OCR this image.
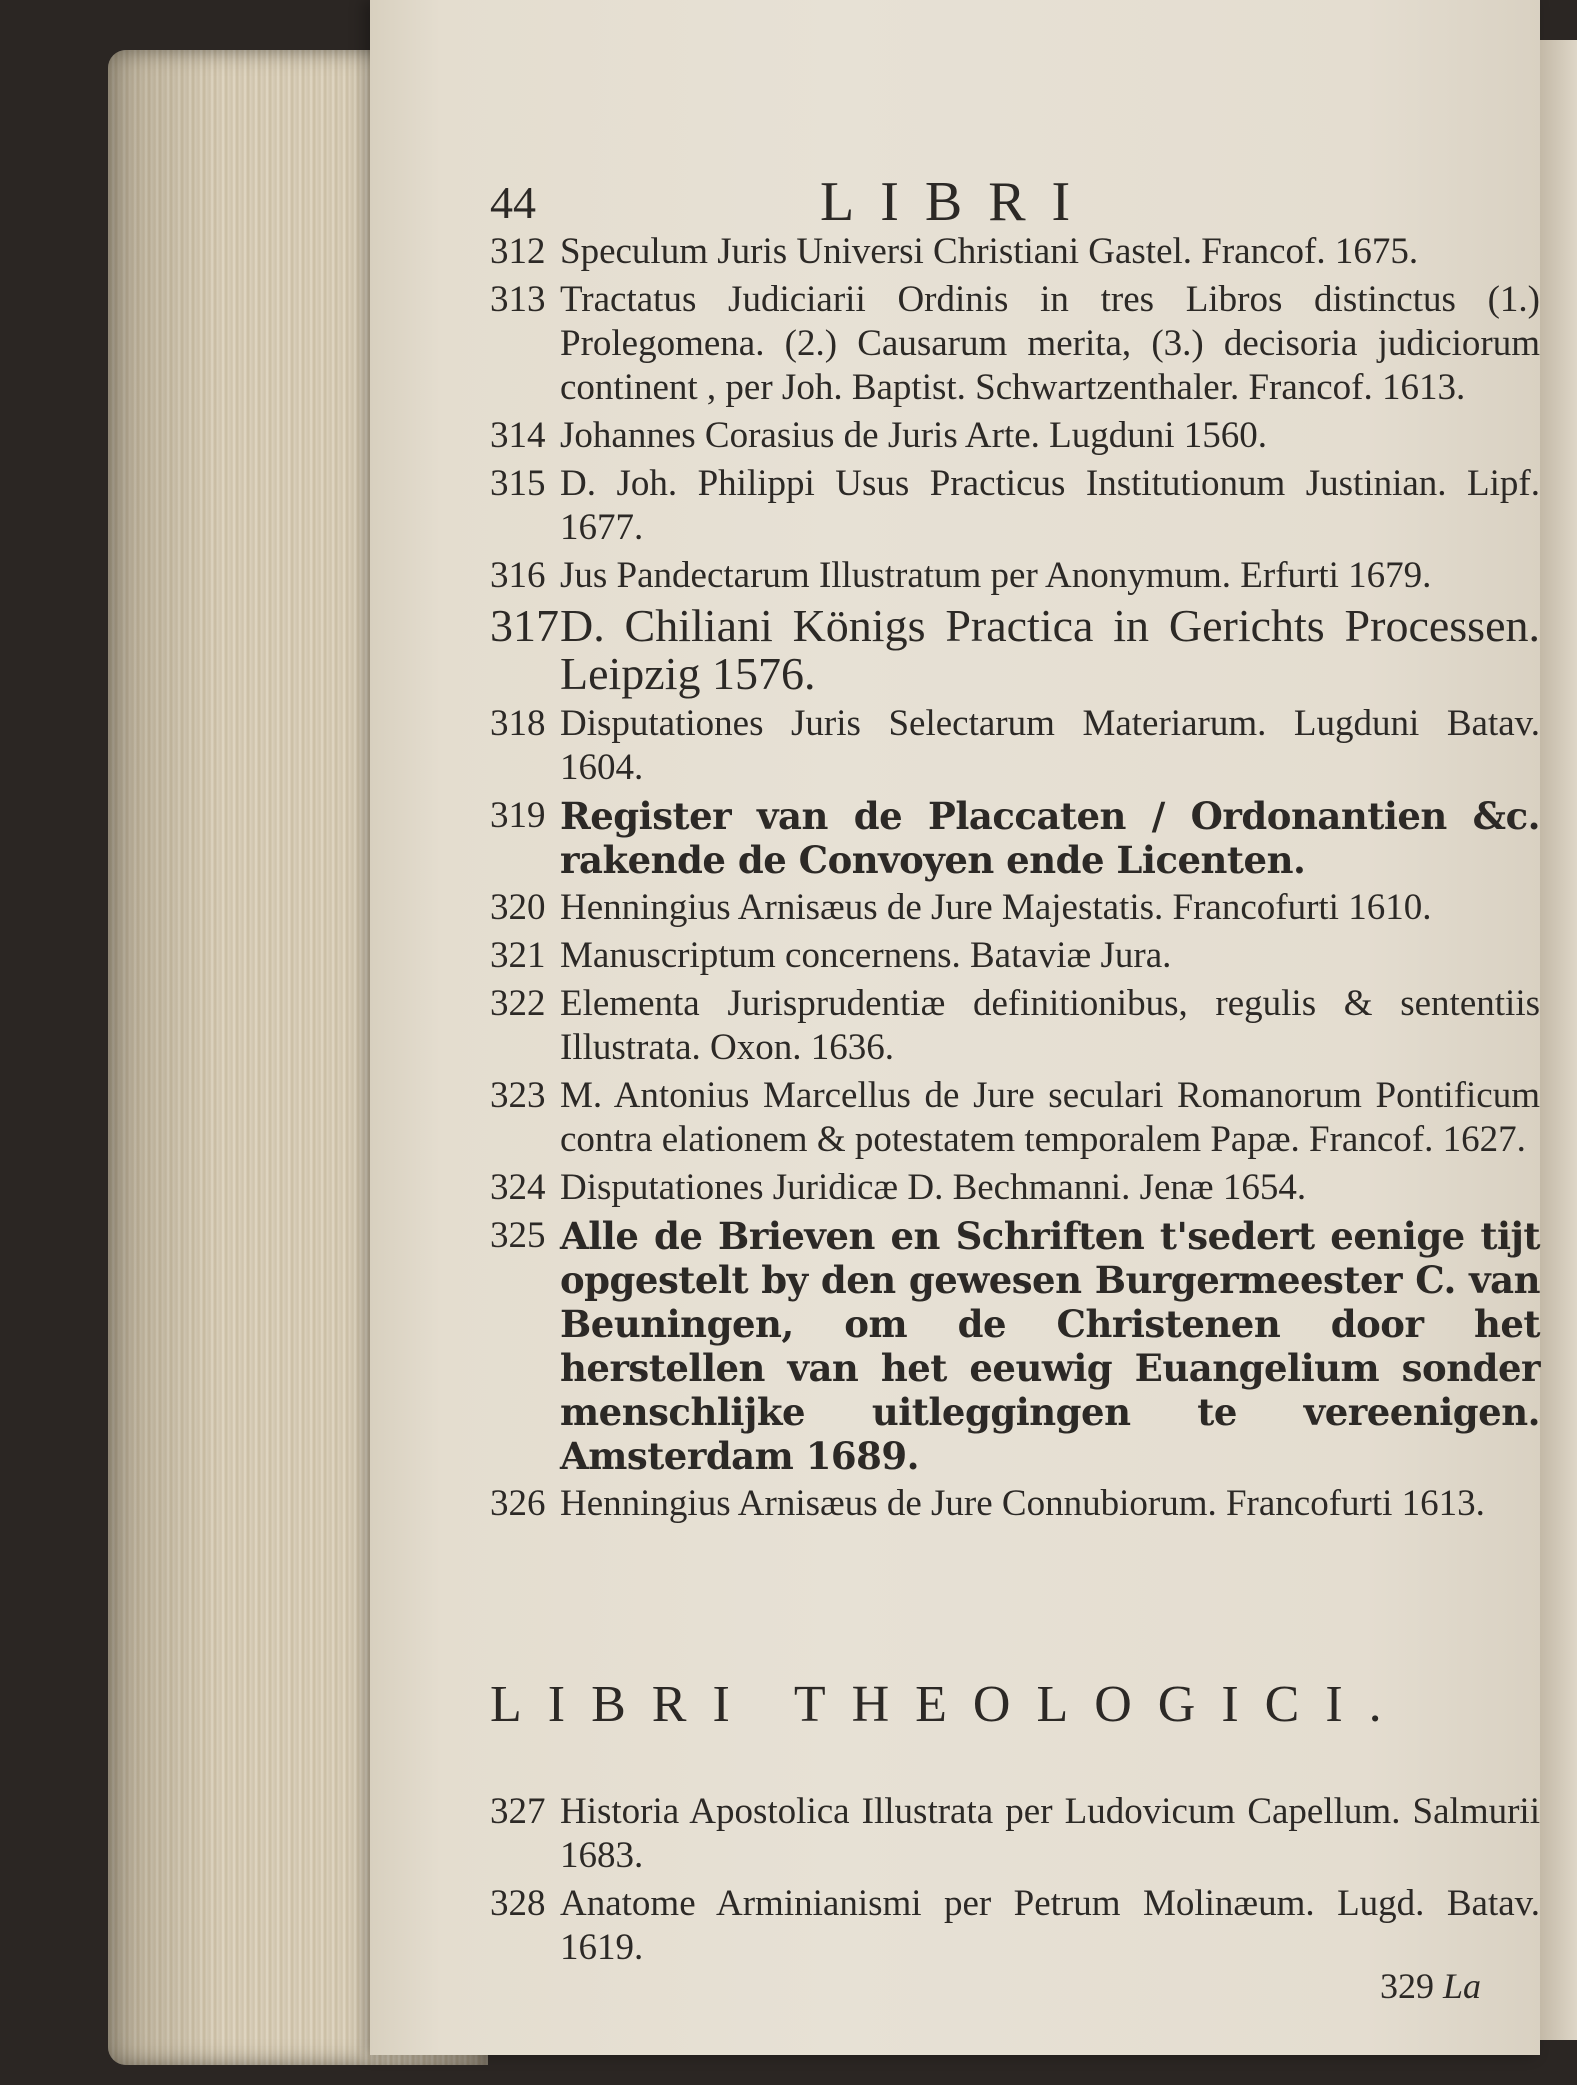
44	LIBRI
312 Speculum Juris Universi Christiani Gastel. Francof. 1675.
313 Tractatus Judiciarii Ordinis in tres Libros distinctus (1.) Prolegomena. (2.) Causarum merita, (3.) decisoria judiciorum continent , per Joh. Baptist. Schwartzenthaler. Francof. 1613.
314 Johannes Corasius de Juris Arte. Lugduni 1560.
315 D. Joh. Philippi Usus Practicus Institutionum Justinian. Lipf. 1677.
316 Jus Pandectarum Illustratum per Anonymum. Erfurti 1679.
317 D. Chiliani Königs Practica in Gerichts Processen. Leipzig 1576.
318 Disputationes Juris Selectarum Materiarum. Lugduni Batav. 1604.
319 Register van de Placcaten / Ordonantien &c. rakende de Convoyen ende Licenten.
320 Henningius Arnisæus de Jure Majestatis. Francofurti 1610.
321 Manuscriptum concernens. Bataviæ Jura.
322 Elementa Jurisprudentiæ definitionibus, regulis & sententiis Illustrata. Oxon. 1636.
323 M. Antonius Marcellus de Jure seculari Romanorum Pontificum contra elationem & potestatem temporalem Papæ. Francof. 1627.
324 Disputationes Juridicæ D. Bechmanni. Jenæ 1654.
325 Alle de Brieven en Schriften t'sedert eenige tijt opgestelt by den gewesen Burgermeester C. van Beuningen, om de Christenen door het herstellen van het eeuwig Euangelium sonder menschlijke uitleggingen te vereenigen. Amsterdam 1689.
326 Henningius Arnisæus de Jure Connubiorum. Francofurti 1613.
LIBRI THEOLOGICI.
327 Historia Apostolica Illustrata per Ludovicum Capellum. Salmurii 1683.
328 Anatome Arminianismi per Petrum Molinæum. Lugd. Batav. 1619.
329 La
